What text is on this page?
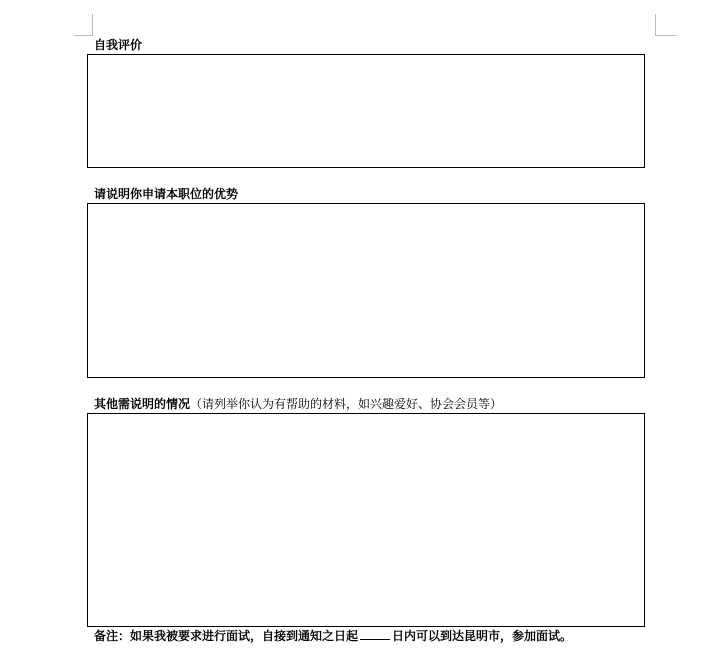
自我评价
请说明你申请本职位的优势
其他需说明的情况（请列举你认为有帮助的材料，如兴趣爱好、协会会员等）
备注：如果我被要求进行面试，自接到通知之日起	日内可以到达昆明市，参加面试。
